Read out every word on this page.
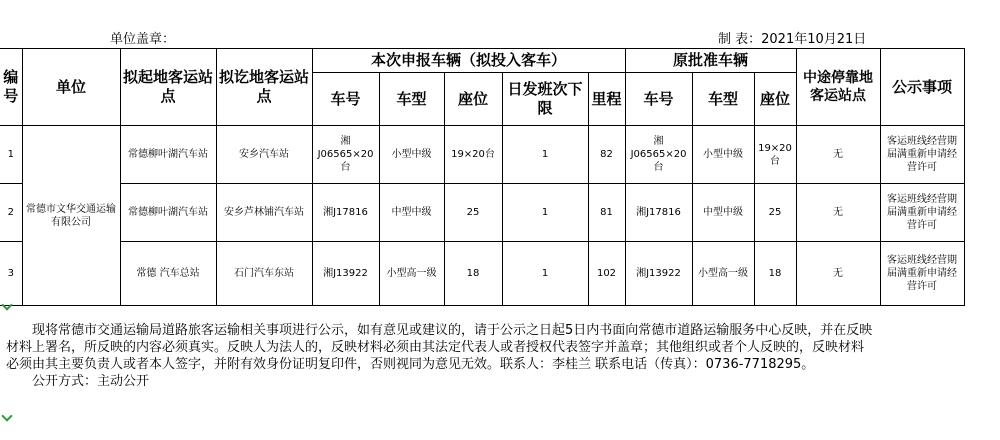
单位盖章：	制 表：2021年10月21日
编号	单位	拟起地客运站点	拟讫地客运站点	本次申报车辆（拟投入客车）					原批准车辆			中途停靠地客运站点	公示事项
				车号	车型	座位	日发班次下限	里程	车号	车型	座位		
1	常德市文华交通运输有限公司	常德柳叶湖汽车站	安乡汽车站	湘J06565×20台	小型中级	19×20台	1	82	湘J06565×20台	小型中级	19×20台	无	客运班线经营期届满重新申请经营许可
2		常德柳叶湖汽车站	安乡芦林铺汽车站	湘J17816	中型中级	25	1	81	湘J17816	中型中级	25	无	客运班线经营期届满重新申请经营许可
3		常德 汽车总站	石门汽车东站	湘J13922	小型高一级	18	1	102	湘J13922	小型高一级	18	无	客运班线经营期届满重新申请经营许可

现将常德市交通运输局道路旅客运输相关事项进行公示，如有意见或建议的，请于公示之日起5日内书面向常德市道路运输服务中心反映，并在反映

材料上署名，所反映的内容必须真实。反映人为法人的，反映材料必须由其法定代表人或者授权代表签字并盖章；其他组织或者个人反映的，反映材料

必须由其主要负责人或者本人签字，并附有效身份证明复印件，否则视同为意见无效。联系人：李桂兰 联系电话（传真）：0736-7718295。

公开方式：主动公开
